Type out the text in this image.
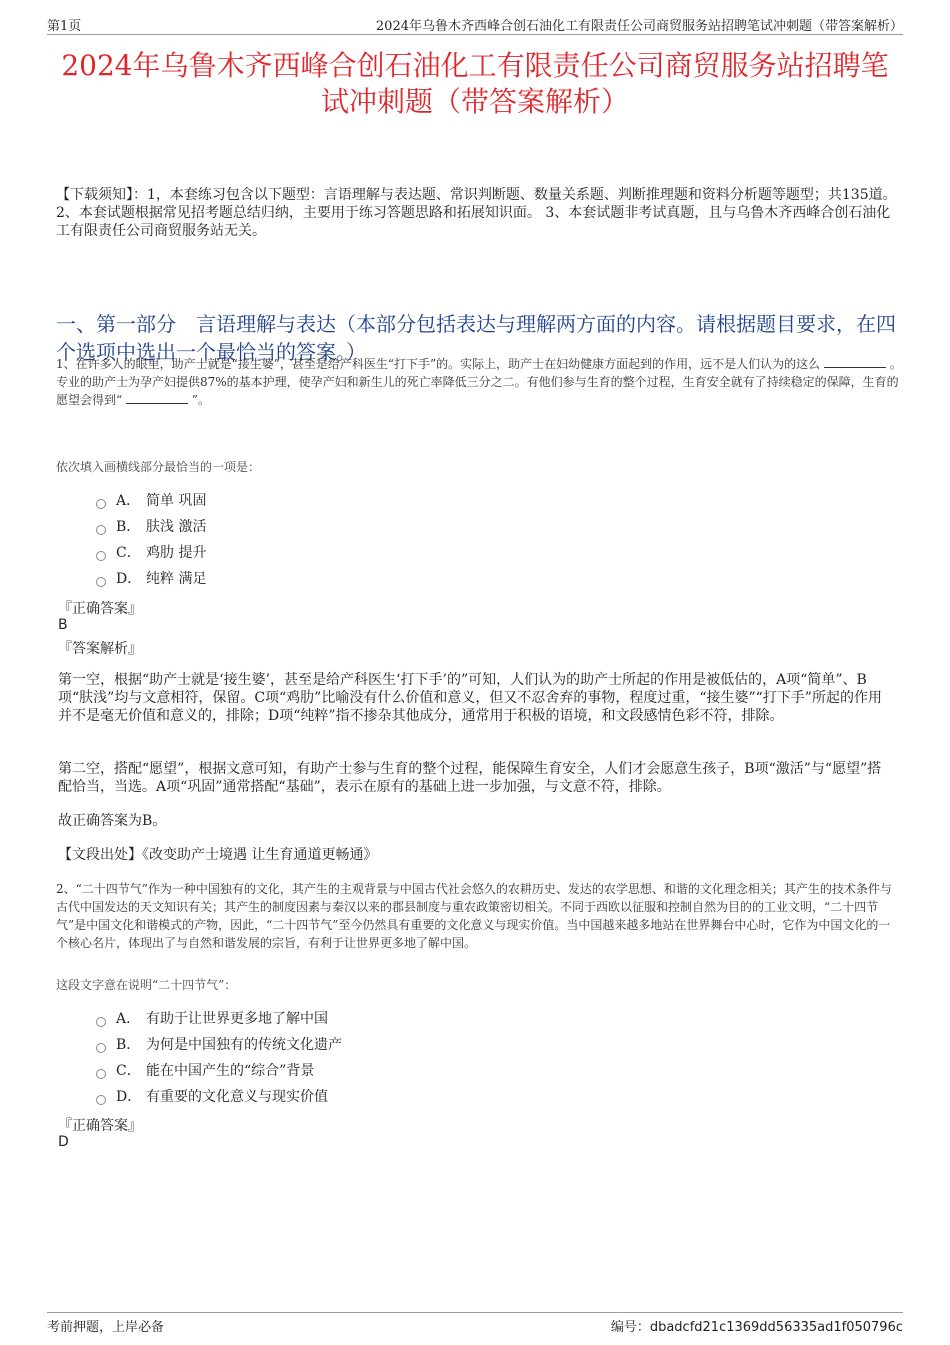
第1页	2024年乌鲁木齐西峰合创石油化工有限责任公司商贸服务站招聘笔试冲刺题（带答案解析）
2024年乌鲁木齐西峰合创石油化工有限责任公司商贸服务站招聘笔试冲刺题（带答案解析）
【下载须知】：1，本套练习包含以下题型：言语理解与表达题、常识判断题、数量关系题、判断推理题和资料分析题等题型；共135道。 2、本套试题根据常见招考题总结归纳，主要用于练习答题思路和拓展知识面。 3、本套试题非考试真题，且与乌鲁木齐西峰合创石油化工有限责任公司商贸服务站无关。
一、第一部分　言语理解与表达（本部分包括表达与理解两方面的内容。请根据题目要求，在四个选项中选出一个最恰当的答案。）
1、在许多人的眼里，助产士就是“接生婆”，甚至是给产科医生“打下手”的。实际上，助产士在妇幼健康方面起到的作用，远不是人们认为的这么	。专业的助产士为孕产妇提供87%的基本护理，使孕产妇和新生儿的死亡率降低三分之二。有他们参与生育的整个过程，生育安全就有了持续稳定的保障，生育的愿望会得到“	”。
依次填入画横线部分最恰当的一项是：
A． 简单 巩固
B． 肤浅 激活
C． 鸡肋 提升
D． 纯粹 满足
『正确答案』
B
『答案解析』
第一空，根据“助产士就是‘接生婆’，甚至是给产科医生‘打下手’的”可知，人们认为的助产士所起的作用是被低估的，A项“简单”、B项“肤浅”均与文意相符，保留。C项“鸡肋”比喻没有什么价值和意义，但又不忍舍弃的事物，程度过重，“接生婆”“打下手”所起的作用并不是毫无价值和意义的，排除；D项“纯粹”指不掺杂其他成分，通常用于积极的语境，和文段感情色彩不符，排除。
第二空，搭配“愿望”，根据文意可知，有助产士参与生育的整个过程，能保障生育安全，人们才会愿意生孩子，B项“激活”与“愿望”搭配恰当，当选。A项“巩固”通常搭配“基础”，表示在原有的基础上进一步加强，与文意不符，排除。
故正确答案为B。
【文段出处】《改变助产士境遇 让生育通道更畅通》
2、“二十四节气”作为一种中国独有的文化，其产生的主观背景与中国古代社会悠久的农耕历史、发达的农学思想、和谐的文化理念相关；其产生的技术条件与古代中国发达的天文知识有关；其产生的制度因素与秦汉以来的郡县制度与重农政策密切相关。不同于西欧以征服和控制自然为目的的工业文明，“二十四节气”是中国文化和谐模式的产物，因此，“二十四节气”至今仍然具有重要的文化意义与现实价值。当中国越来越多地站在世界舞台中心时，它作为中国文化的一个核心名片，体现出了与自然和谐发展的宗旨，有利于让世界更多地了解中国。
这段文字意在说明“二十四节气”：
A． 有助于让世界更多地了解中国
B． 为何是中国独有的传统文化遗产
C． 能在中国产生的“综合”背景
D． 有重要的文化意义与现实价值
『正确答案』
D
考前押题，上岸必备	编号：dbadcfd21c1369dd56335ad1f050796c
